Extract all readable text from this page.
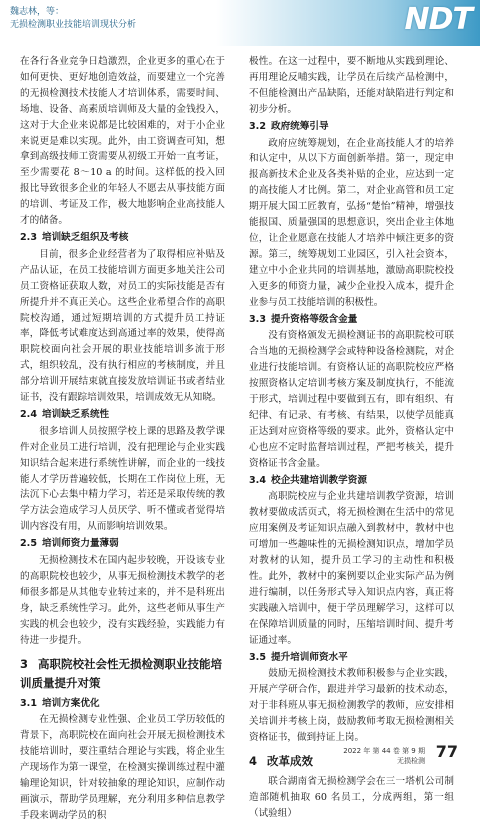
魏志林，等：
无损检测职业技能培训现状分析	NDT

在各行各业竞争日趋激烈，企业更多的重心在于如何更快、更好地创造效益，而要建立一个完善的无损检测技术技能人才培训体系，需要时间、场地、设备、高素质培训师及大量的金钱投入，这对于大企业来说都是比较困难的，对于小企业来说更是难以实现。此外，由工资调查可知，想拿到高级技师工资需要从初级工开始一直考证，至少需要花 8～10 a 的时间。这样低的投入回报比导致很多企业的年轻人不愿去从事技能方面的培训、考证及工作，极大地影响企业高技能人才的储备。

2.3 培训缺乏组织及考核

目前，很多企业经营者为了取得相应补贴及产品认证，在员工技能培训方面更多地关注公司员工资格证获取人数，对员工的实际技能是否有所提升并不真正关心。这些企业希望合作的高职院校沟通，通过短期培训的方式提升员工持证率，降低考试难度达到高通过率的效果，使得高职院校面向社会开展的职业技能培训多流于形式，组织较乱，没有执行相应的考核制度，并且部分培训开展结束就直接发放培训证书或者结业证书，没有跟踪培训效果，培训成效无从知晓。

2.4 培训缺乏系统性

很多培训人员按照学校上课的思路及教学课件对企业员工进行培训，没有把理论与企业实践知识结合起来进行系统性讲解，而企业的一线技能人才学历普遍较低，长期在工作岗位上班，无法沉下心去集中精力学习，若还是采取传统的教学方法会造成学习人员厌学、听不懂或者觉得培训内容没有用，从而影响培训效果。

2.5 培训师资力量薄弱

无损检测技术在国内起步较晚，开设该专业的高职院校也较少，从事无损检测技术教学的老师很多都是从其他专业转过来的，并不是科班出身，缺乏系统性学习。此外，这些老师从事生产实践的机会也较少，没有实践经验，实践能力有待进一步提升。

3 高职院校社会性无损检测职业技能培训质量提升对策
3.1 培训方案优化

在无损检测专业性强、企业员工学历较低的背景下，高职院校在面向社会开展无损检测技术技能培训时，要注重结合理论与实践，将企业生产现场作为第一课堂，在检测实操训练过程中灌输理论知识，针对较抽象的理论知识，应制作动画演示，帮助学员理解，充分利用多种信息教学手段来调动学员的积

极性。在这一过程中，要不断地从实践到理论、再用理论反哺实践，让学员在后续产品检测中，不但能检测出产品缺陷，还能对缺陷进行判定和初步分析。

3.2 政府统筹引导

政府应统筹规划，在企业高技能人才的培养和认定中，从以下方面创新举措。第一，现定申报高新技术企业及各类补贴的企业，应达到一定的高技能人才比例。第二，对企业高管和员工定期开展大国工匠教育，弘扬“楚怡”精神，增强技能报国、质量强国的思想意识，突出企业主体地位，让企业愿意在技能人才培养中倾注更多的资源。第三，统筹规划工业园区，引入社会资本，建立中小企业共同的培训基地，激励高职院校投入更多的师资力量，减少企业投入成本，提升企业参与员工技能培训的积极性。

3.3 提升资格等级含金量

没有资格颁发无损检测证书的高职院校可联合当地的无损检测学会或特种设备检测院，对企业进行技能培训。有资格认证的高职院校应严格按照资格认定培训考核方案及制度执行，不能流于形式，培训过程中要做到五有，即有组织、有纪律、有记录、有考核、有结果，以使学员能真正达到对应资格等级的要求。此外，资格认定中心也应不定时监督培训过程，严把考核关，提升资格证书含金量。

3.4 校企共建培训教学资源

高职院校应与企业共建培训教学资源，培训教材要做成活页式，将无损检测在生活中的常见应用案例及考证知识点融入到教材中，教材中也可增加一些趣味性的无损检测知识点，增加学员对教材的认知，提升员工学习的主动性和积极性。此外，教材中的案例要以企业实际产品为例进行编制，以任务形式导入知识点内容，真正将实践融入培训中，便于学员理解学习，这样可以在保障培训质量的同时，压缩培训时间、提升考证通过率。

3.5 提升培训师资水平

鼓励无损检测技术教师积极参与企业实践，开展产学研合作，跟进并学习最新的技术动态，对于非科班从事无损检测教学的教师，应安排相关培训并考核上岗，鼓励教师考取无损检测相关资格证书，做到持证上岗。

4 改革成效

联合湖南省无损检测学会在三一塔机公司制造部随机抽取 60 名员工，分成两组，第一组（试验组）

2022 年 第 44 卷 第 9 期
无损检测 77
